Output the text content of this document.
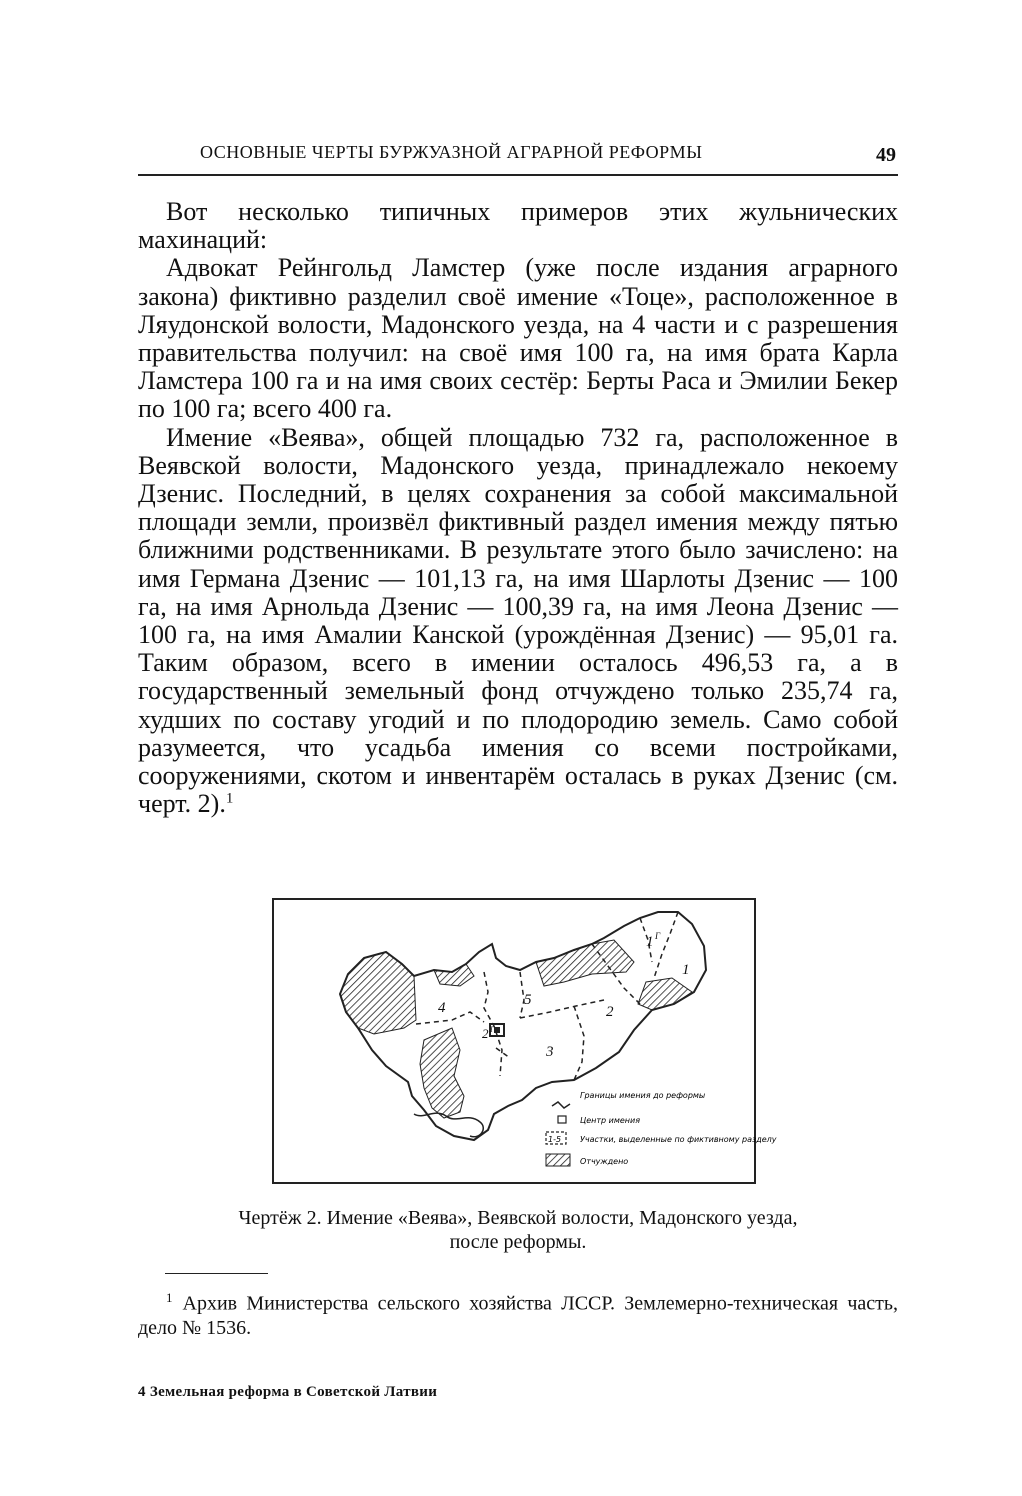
ОСНОВНЫЕ ЧЕРТЫ БУРЖУАЗНОЙ АГРАРНОЙ РЕФОРМЫ	49

Вот несколько типичных примеров этих жульнических махинаций:

Адвокат Рейнгольд Ламстер (уже после издания аграрного закона) фиктивно разделил своё имение «Тоце», расположенное в Ляудонской волости, Мадонского уезда, на 4 части и с разрешения правительства получил: на своё имя 100 га, на имя брата Карла Ламстера 100 га и на имя своих сестёр: Берты Раса и Эмилии Бекер по 100 га; всего 400 га.

Имение «Веява», общей площадью 732 га, расположенное в Веявской волости, Мадонского уезда, принадлежало некоему Дзенис. Последний, в целях сохранения за собой максимальной площади земли, произвёл фиктивный раздел имения между пятью ближними родственниками. В результате этого было зачислено: на имя Германа Дзенис — 101,13 га, на имя Шарлоты Дзенис — 100 га, на имя Арнольда Дзенис — 100,39 га, на имя Леона Дзенис — 100 га, на имя Амалии Канской (урождённая Дзенис) — 95,01 га. Таким образом, всего в имении осталось 496,53 га, а в государственный земельный фонд отчуждено только 235,74 га, худших по составу угодий и по плодородию земель. Само собой разумеется, что усадьба имения со всеми постройками, сооружениями, скотом и инвентарём осталась в руках Дзенис (см. черт. 2).$^1$

1 Г
1
2 Г
2
3
4	5
Границы имения до реформы
Центр имения
1-5 Участки, выделенные по фиктивному разделу
Отчуждено
Чертёж 2. Имение «Веява», Веявской волости, Мадонского уезда,
после реформы.
$^1$ Архив Министерства сельского хозяйства ЛССР. Землемерно-техническая часть, дело № 1536.
4 Земельная реформа в Советской Латвии
